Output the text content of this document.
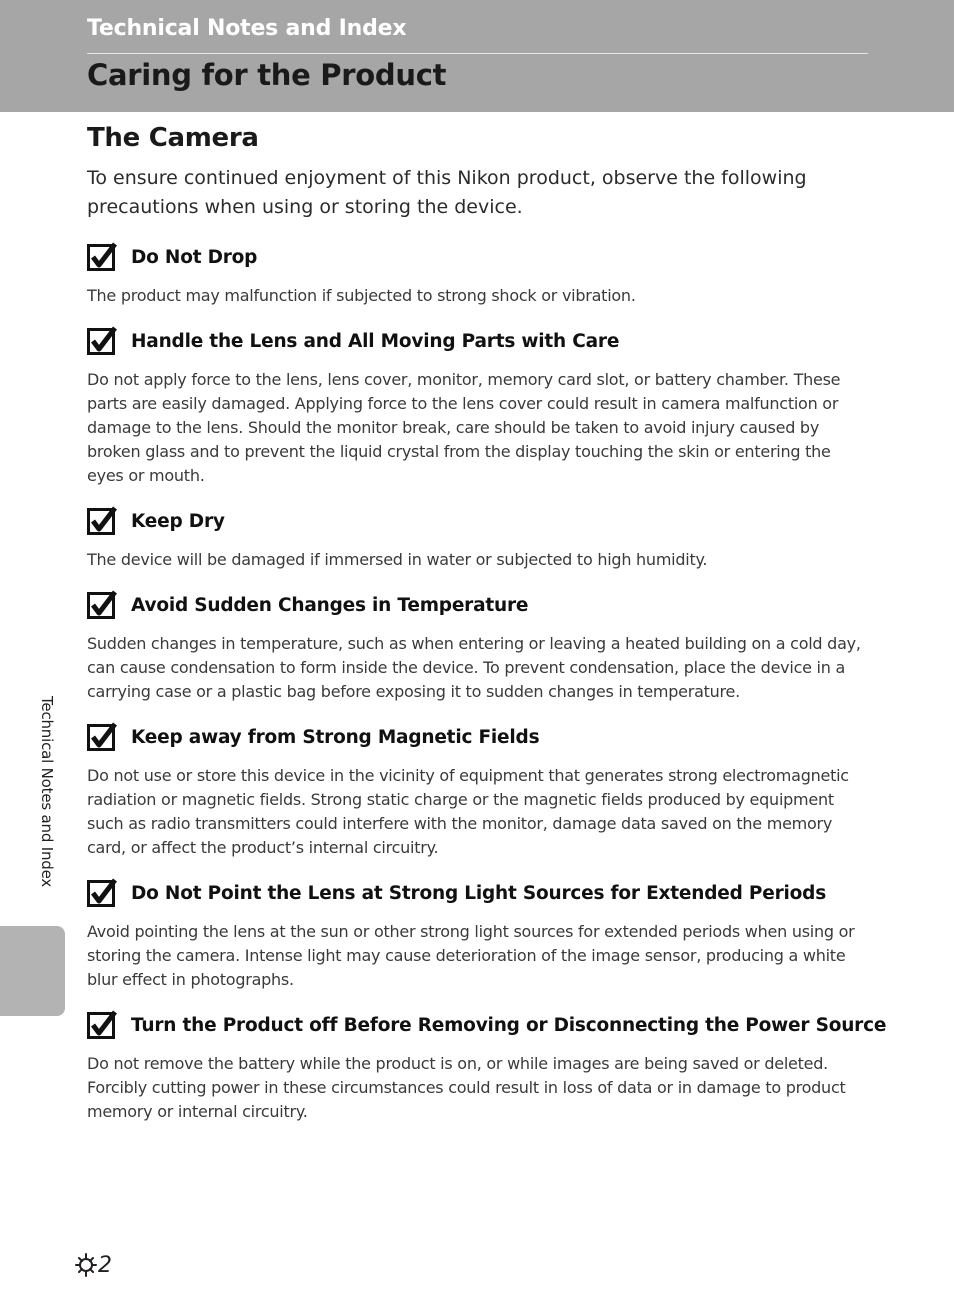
Technical Notes and Index
Caring for the Product
The Camera

To ensure continued enjoyment of this Nikon product, observe the following precautions when using or storing the device.

Do Not Drop

The product may malfunction if subjected to strong shock or vibration.

Handle the Lens and All Moving Parts with Care

Do not apply force to the lens, lens cover, monitor, memory card slot, or battery chamber. These parts are easily damaged. Applying force to the lens cover could result in camera malfunction or damage to the lens. Should the monitor break, care should be taken to avoid injury caused by broken glass and to prevent the liquid crystal from the display touching the skin or entering the eyes or mouth.

Keep Dry

The device will be damaged if immersed in water or subjected to high humidity.

Avoid Sudden Changes in Temperature

Sudden changes in temperature, such as when entering or leaving a heated building on a cold day, can cause condensation to form inside the device. To prevent condensation, place the device in a carrying case or a plastic bag before exposing it to sudden changes in temperature.

Keep away from Strong Magnetic Fields

Do not use or store this device in the vicinity of equipment that generates strong electromagnetic radiation or magnetic fields. Strong static charge or the magnetic fields produced by equipment such as radio transmitters could interfere with the monitor, damage data saved on the memory card, or affect the product’s internal circuitry.

Do Not Point the Lens at Strong Light Sources for Extended Periods

Avoid pointing the lens at the sun or other strong light sources for extended periods when using or storing the camera. Intense light may cause deterioration of the image sensor, producing a white blur effect in photographs.

Turn the Product off Before Removing or Disconnecting the Power Source

Do not remove the battery while the product is on, or while images are being saved or deleted. Forcibly cutting power in these circumstances could result in loss of data or in damage to product memory or internal circuitry.

Technical Notes and Index
2
